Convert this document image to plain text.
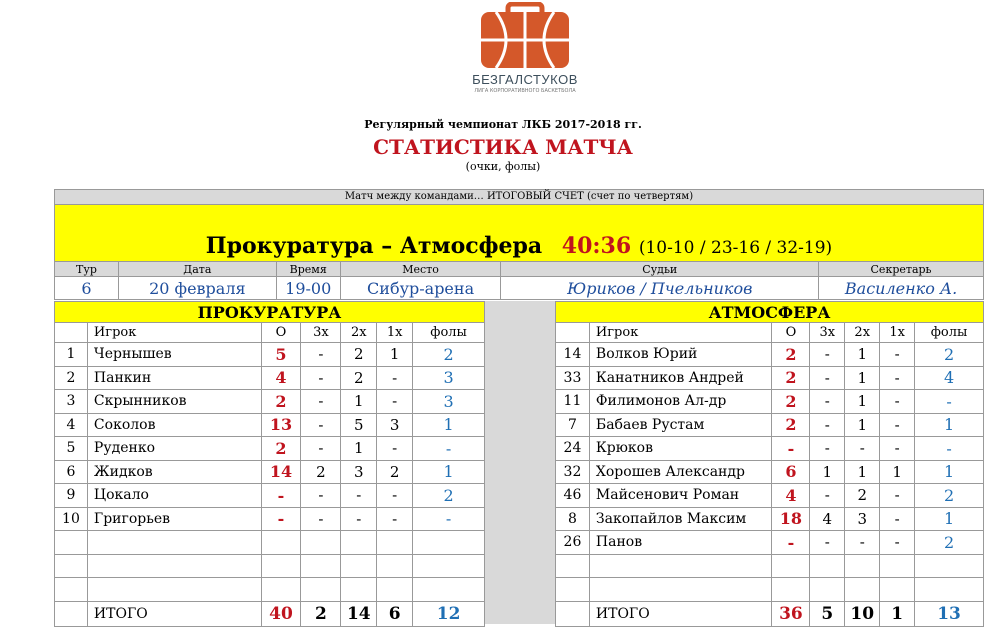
БЕЗГАЛСТУКОВ
ЛИГА КОРПОРАТИВНОГО БАСКЕТБОЛА
Регулярный чемпионат ЛКБ 2017-2018 гг.
СТАТИСТИКА МАТЧА
(очки, фолы)
Матч между командами… ИТОГОВЫЙ СЧЕТ (счет по четвертям)
Прокуратура – Атмосфера 40:36 (10-10 / 23-16 / 32-19)
Тур	Дата	Время	Место	Судьи	Секретарь
6	20 февраля	19-00	Сибур-арена	Юриков / Пчельников	Василенко А.
ПРОКУРАТУРА						
	Игрок	О	3х	2х	1х	фолы
1	Чернышев	5	-	2	1	2
2	Панкин	4	-	2	-	3
3	Скрынников	2	-	1	-	3
4	Соколов	13	-	5	3	1
5	Руденко	2	-	1	-	-
6	Жидков	14	2	3	2	1
9	Цокало	-	-	-	-	2
10	Григорьев	-	-	-	-	-

	ИТОГО	40	2	14	6	12
АТМОСФЕРА						
	Игрок	О	3х	2х	1х	фолы
14	Волков Юрий	2	-	1	-	2
33	Канатников Андрей	2	-	1	-	4
11	Филимонов Ал-др	2	-	1	-	-
7	Бабаев Рустам	2	-	1	-	1
24	Крюков	-	-	-	-	-
32	Хорошев Александр	6	1	1	1	1
46	Майсенович Роман	4	-	2	-	2
8	Закопайлов Максим	18	4	3	-	1
26	Панов	-	-	-	-	2

	ИТОГО	36	5	10	1	13
